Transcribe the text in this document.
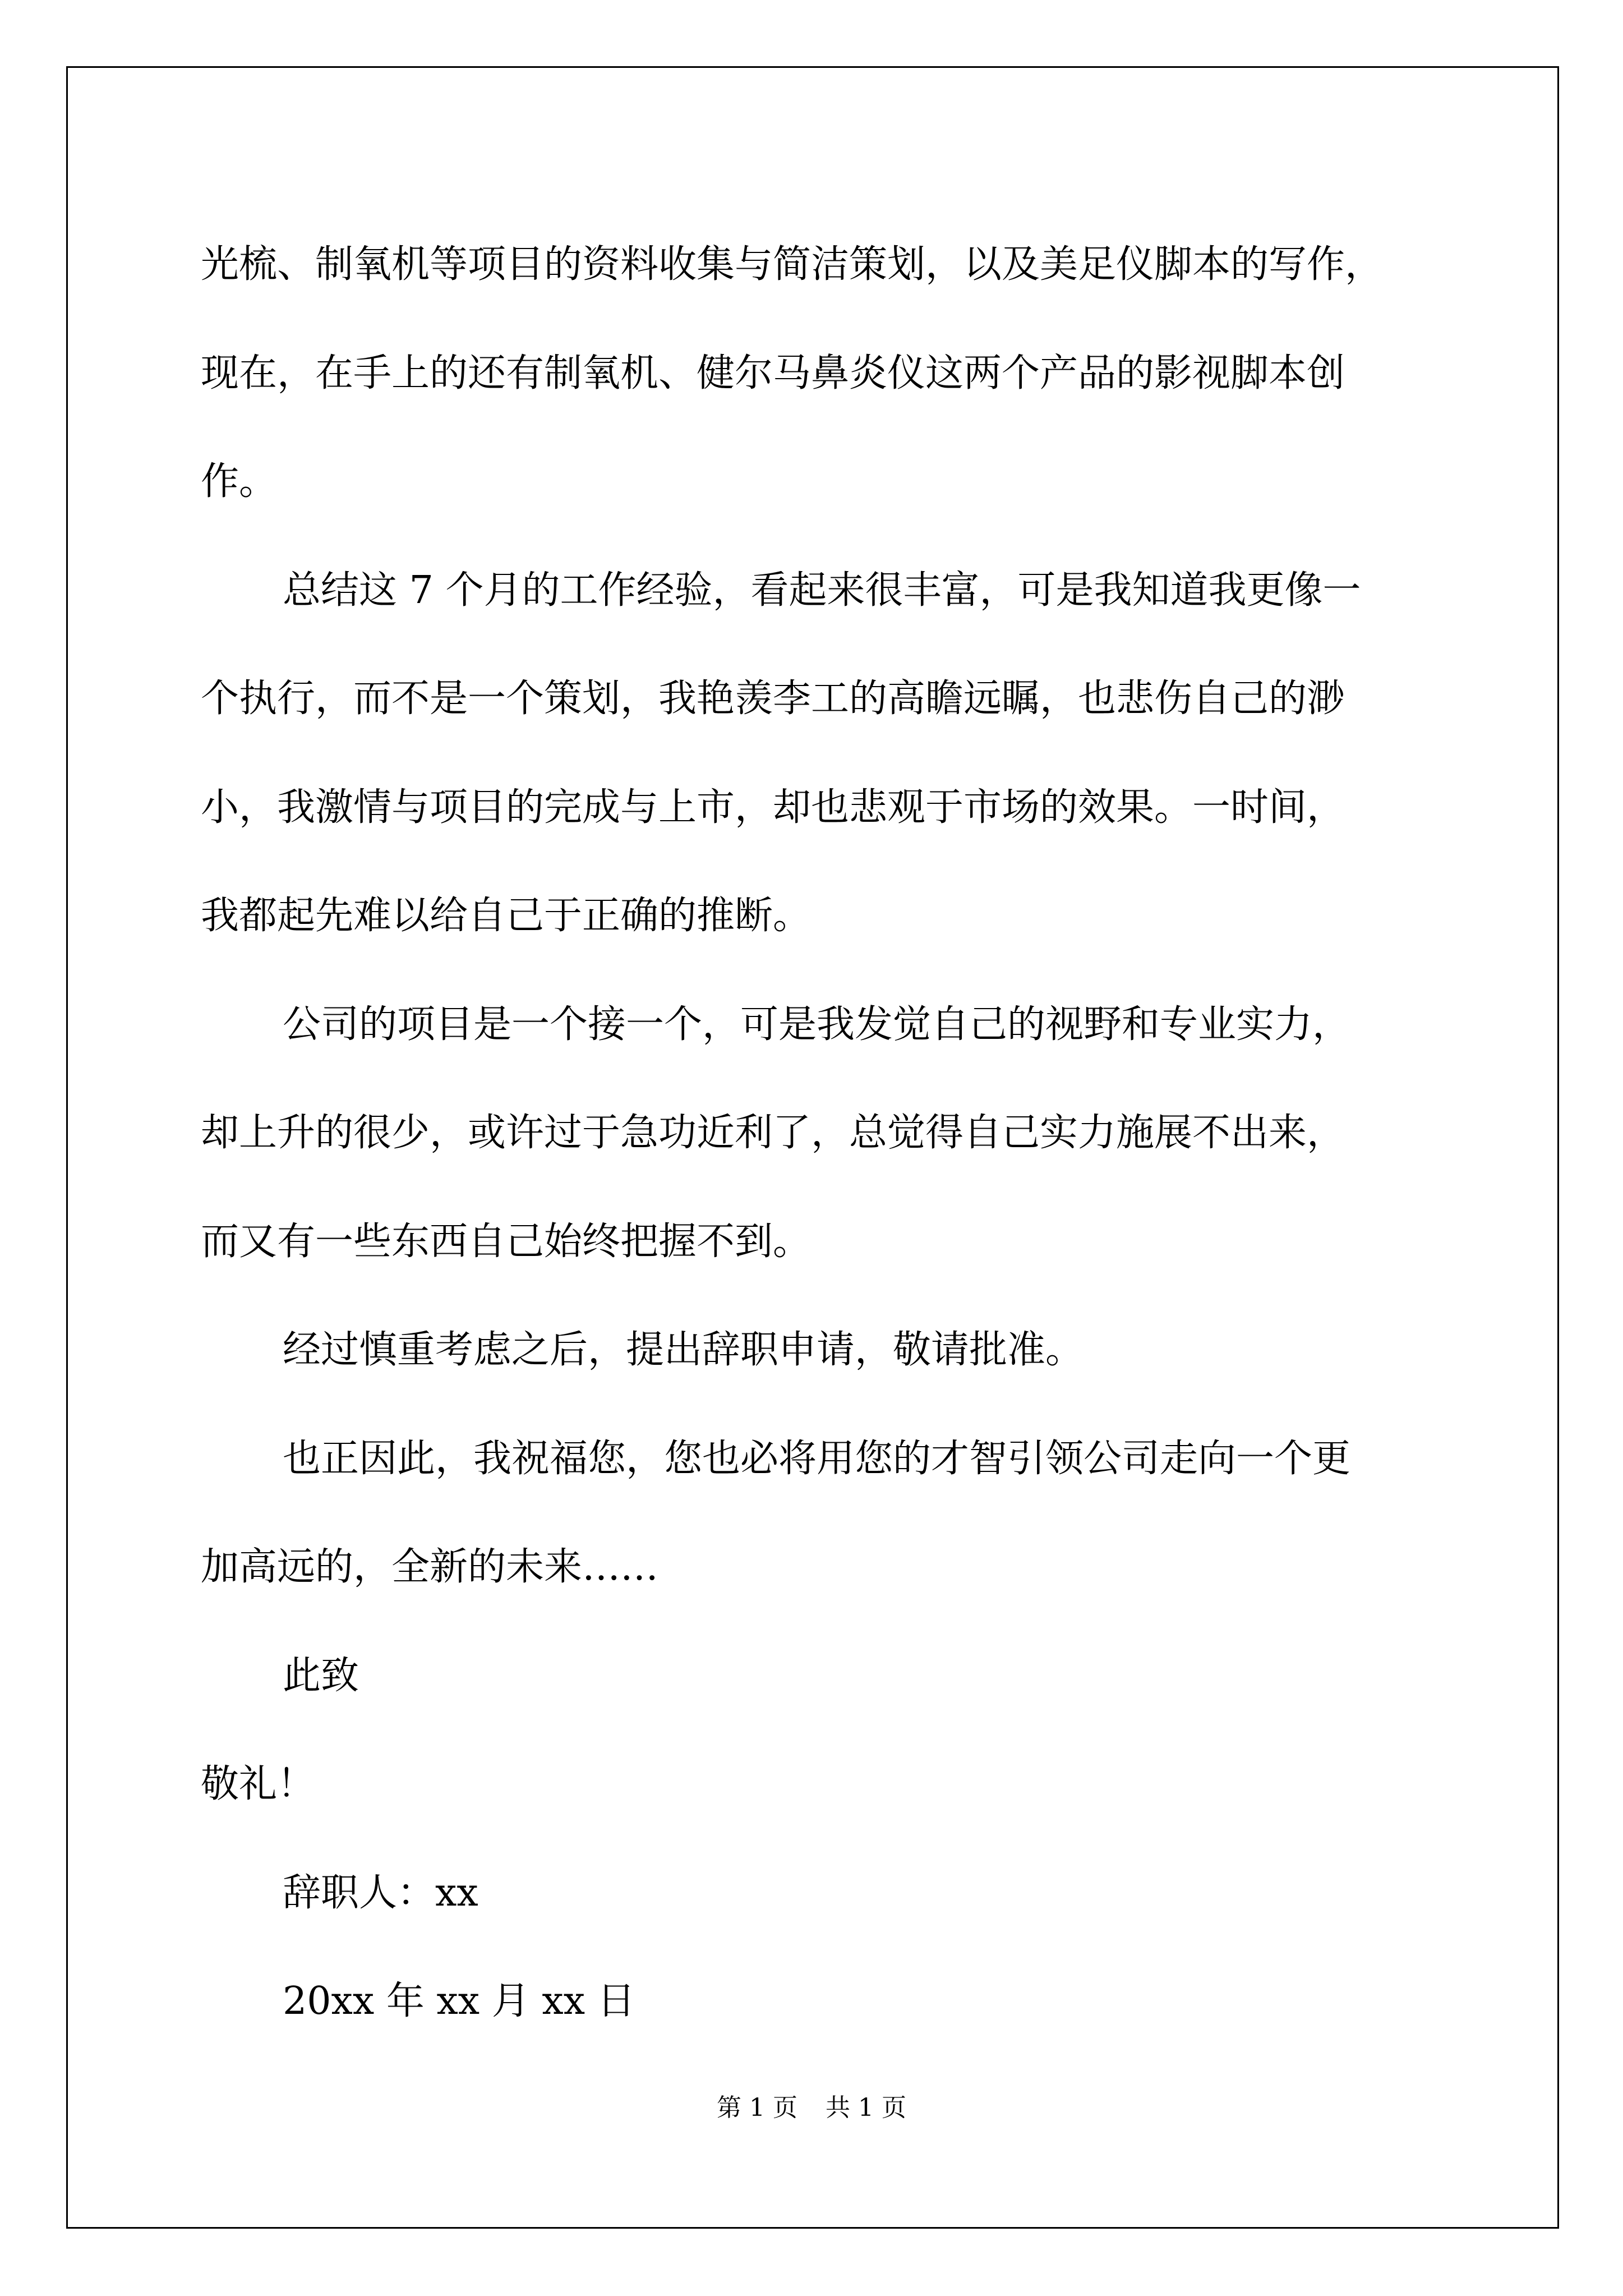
光梳、制氧机等项目的资料收集与简洁策划，以及美足仪脚本的写作，

现在，在手上的还有制氧机、健尔马鼻炎仪这两个产品的影视脚本创

作。

总结这 7 个月的工作经验，看起来很丰富，可是我知道我更像一

个执行，而不是一个策划，我艳羡李工的高瞻远瞩，也悲伤自己的渺

小，我激情与项目的完成与上市，却也悲观于市场的效果。一时间，

我都起先难以给自己于正确的推断。

公司的项目是一个接一个，可是我发觉自己的视野和专业实力，

却上升的很少，或许过于急功近利了，总觉得自己实力施展不出来，

而又有一些东西自己始终把握不到。

经过慎重考虑之后，提出辞职申请，敬请批准。

也正因此，我祝福您，您也必将用您的才智引领公司走向一个更

加高远的，全新的未来……

此致

敬礼！

辞职人：xx

20xx 年 xx 月 xx 日

第 1 页 共 1 页
